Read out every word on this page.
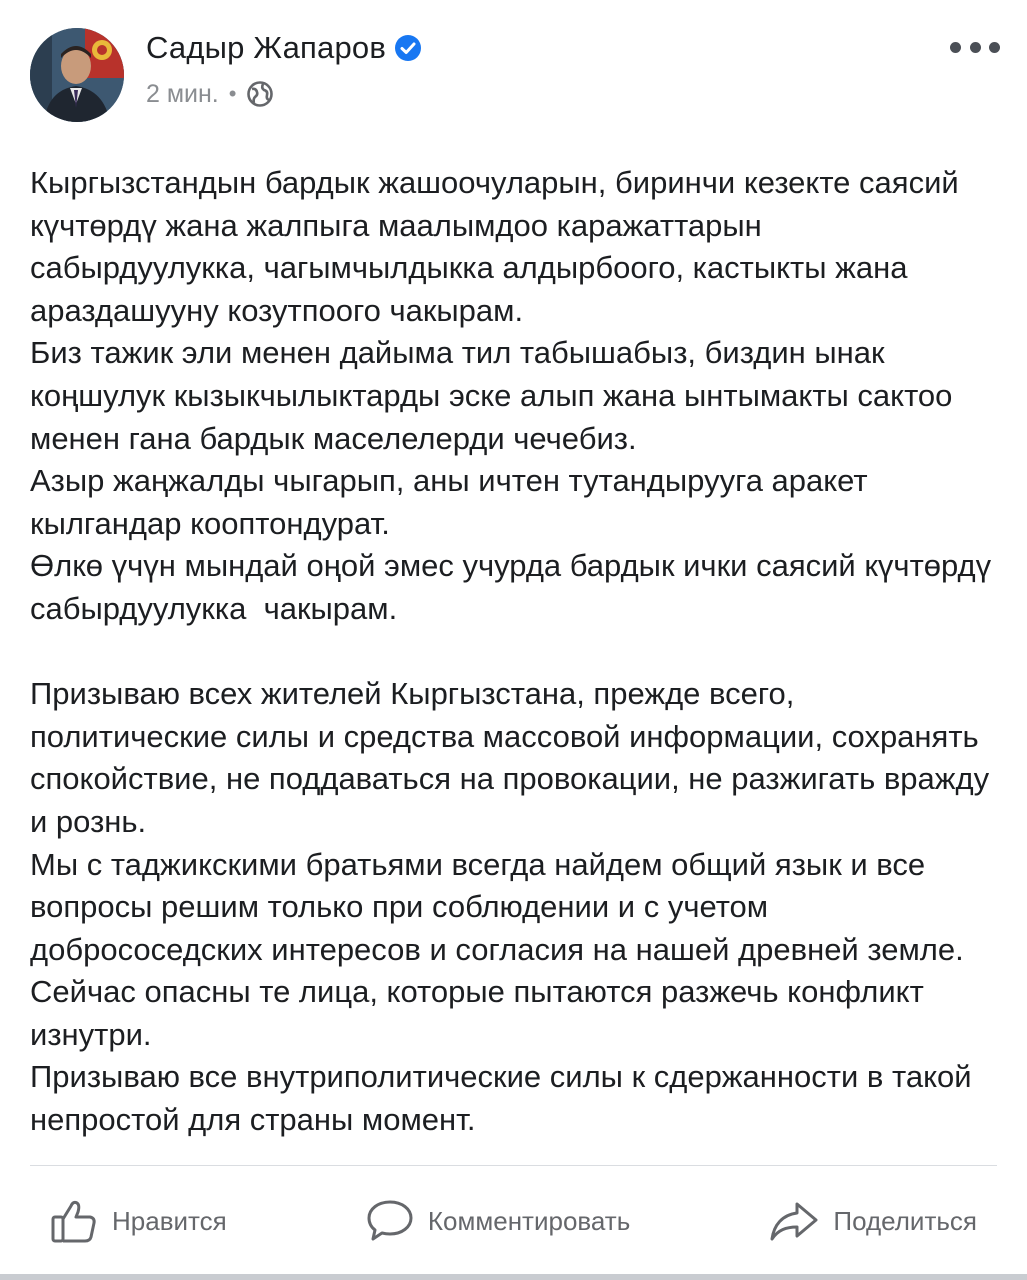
Садыр Жапаров
2 мин. •

Кыргызстандын бардык жашоочуларын, биринчи кезекте саясий күчтөрдү жана жалпыга маалымдоо каражаттарын сабырдуулукка, чагымчылдыкка алдырбоого, кастыкты жана араздашууну козутпоого чакырам.

Биз тажик эли менен дайыма тил табышабыз, биздин ынак коңшулук кызыкчылыктарды эске алып жана ынтымакты сактоо менен гана бардык маселелерди чечебиз.

Азыр жаңжалды чыгарып, аны ичтен тутандырууга аракет кылгандар кооптондурат.

Өлкө үчүн мындай оңой эмес учурда бардык ички саясий күчтөрдү сабырдуулукка  чакырам.

Призываю всех жителей Кыргызстана, прежде всего, политические силы и средства массовой информации, сохранять спокойствие, не поддаваться на провокации, не разжигать вражду и рознь.

Мы с таджикскими братьями всегда найдем общий язык и все вопросы решим только при соблюдении и с учетом добрососедских интересов и согласия на нашей древней земле. Сейчас опасны те лица, которые пытаются разжечь конфликт изнутри.

Призываю все внутриполитические силы к сдержанности в такой непростой для страны момент.

Нравится	Комментировать	Поделиться
